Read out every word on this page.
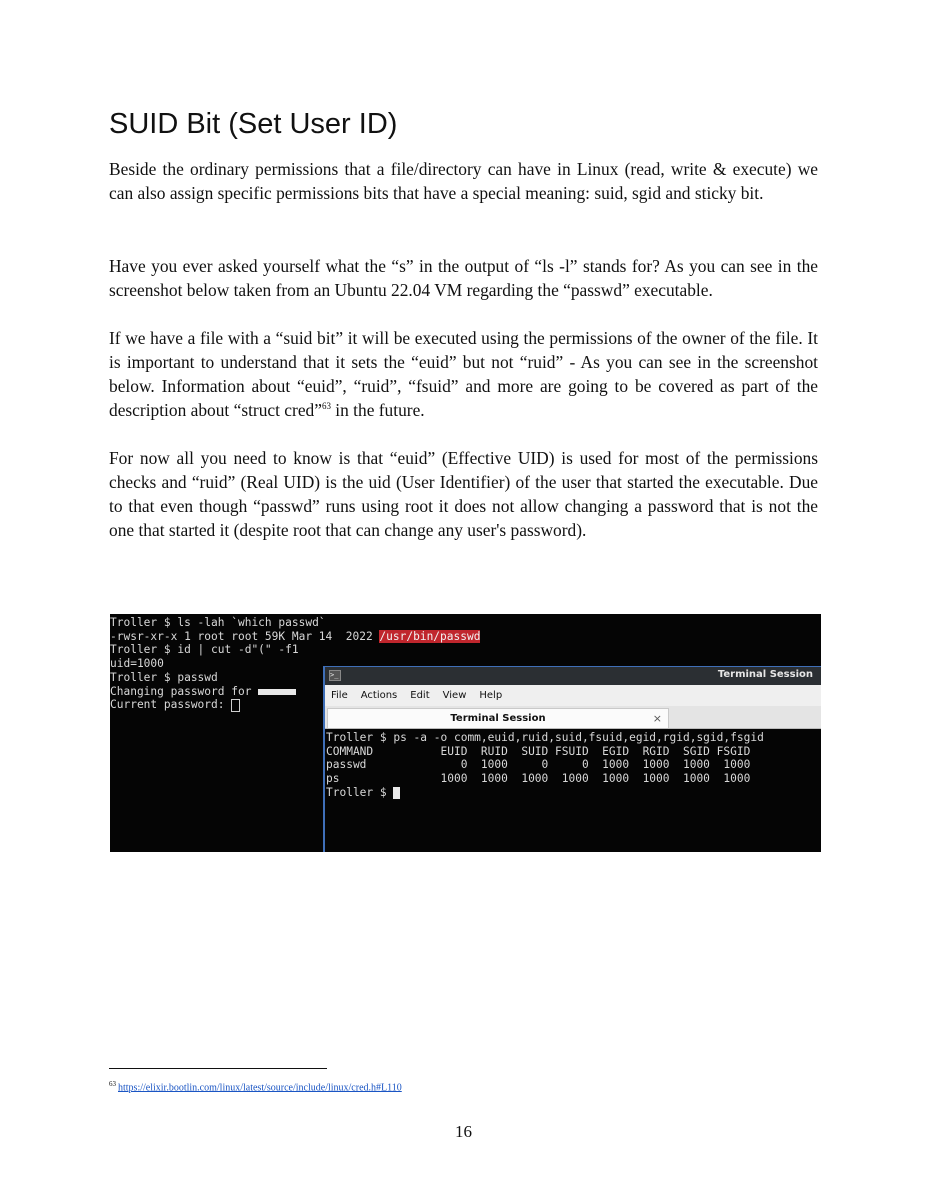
SUID Bit (Set User ID)

Beside the ordinary permissions that a file/directory can have in Linux (read, write & execute) we can also assign specific permissions bits that have a special meaning: suid, sgid and sticky bit.

Have you ever asked yourself what the “s” in the output of “ls -l” stands for? As you can see in the screenshot below taken from an Ubuntu 22.04 VM regarding the “passwd” executable.

If we have a file with a “suid bit” it will be executed using the permissions of the owner of the file. It is important to understand that it sets the “euid” but not “ruid” - As you can see in the screenshot below. Information about “euid”, “ruid”, “fsuid” and more are going to be covered as part of the description about “struct cred”$^{63}$ in the future.

For now all you need to know is that “euid” (Effective UID) is used for most of the permissions checks and “ruid” (Real UID) is the uid (User Identifier) of the user that started the executable. Due to that even though “passwd” runs using root it does not allow changing a password that is not the one that started it (despite root that can change any user's password).

Troller $ ls -lah `which passwd`
-rwsr-xr-x 1 root root 59K Mar 14  2022 /usr/bin/passwd
Troller $ id | cut -d"(" -f1
uid=1000
Troller $ passwd
Changing password for
Current password:
>_	Terminal Session
File Actions Edit View Help
Terminal Session	×
Troller $ ps -a -o comm,euid,ruid,suid,fsuid,egid,rgid,sgid,fsgid
COMMAND          EUID  RUID  SUID FSUID  EGID  RGID  SGID FSGID
passwd              0  1000     0     0  1000  1000  1000  1000
ps               1000  1000  1000  1000  1000  1000  1000  1000
Troller $

$^{63}$ https://elixir.bootlin.com/linux/latest/source/include/linux/cred.h#L110

16
